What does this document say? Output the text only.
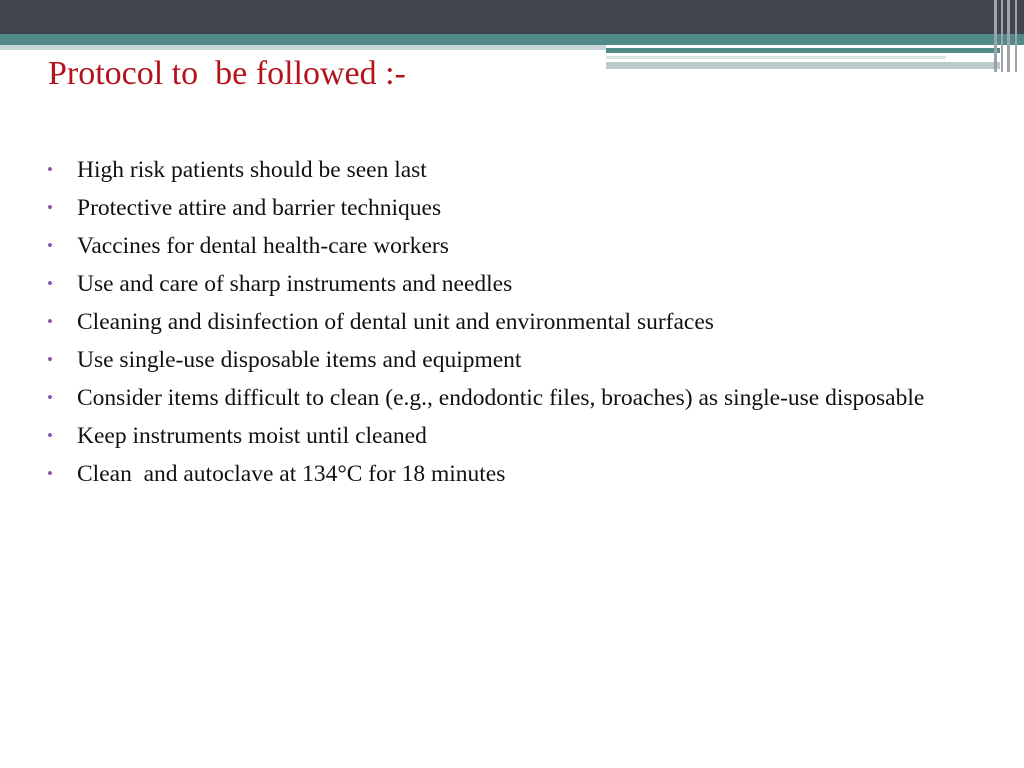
Protocol to  be followed :-
• High risk patients should be seen last
• Protective attire and barrier techniques
• Vaccines for dental health-care workers
• Use and care of sharp instruments and needles
• Cleaning and disinfection of dental unit and environmental surfaces
• Use single-use disposable items and equipment
• Consider items difficult to clean (e.g., endodontic files, broaches) as single-use disposable
• Keep instruments moist until cleaned
• Clean  and autoclave at 134°C for 18 minutes
